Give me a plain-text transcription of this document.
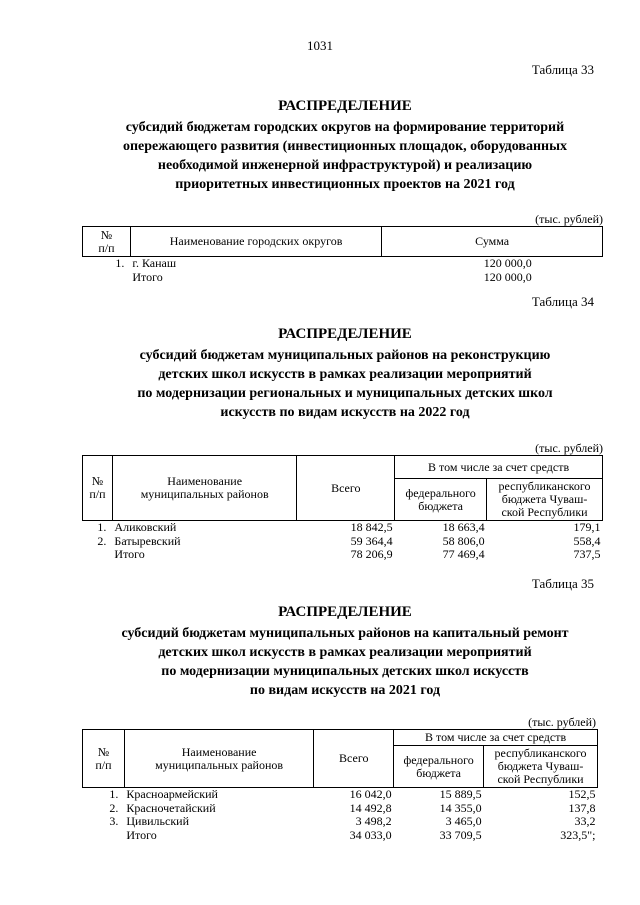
1031
Таблица 33
РАСПРЕДЕЛЕНИЕ
субсидий бюджетам городских округов на формирование территорий
опережающего развития (инвестиционных площадок, оборудованных
необходимой инженерной инфраструктурой) и реализацию
приоритетных инвестиционных проектов на 2021 год
(тыс. рублей)
№
п/п	Наименование городских округов	Сумма
1.	г. Канаш	120 000,0
	Итого	120 000,0
Таблица 34
РАСПРЕДЕЛЕНИЕ
субсидий бюджетам муниципальных районов на реконструкцию
детских школ искусств в рамках реализации мероприятий
по модернизации региональных и муниципальных детских школ
искусств по видам искусств на 2022 год
(тыс. рублей)
№
п/п	Наименование
муниципальных районов	Всего	В том числе за счет средств	
			федерального
бюджета	республиканского
бюджета Чуваш-
ской Республики
1.	Аликовский	18 842,5	18 663,4	179,1
2.	Батыревский	59 364,4	58 806,0	558,4
	Итого	78 206,9	77 469,4	737,5
Таблица 35
РАСПРЕДЕЛЕНИЕ
субсидий бюджетам муниципальных районов на капитальный ремонт
детских школ искусств в рамках реализации мероприятий
по модернизации муниципальных детских школ искусств
по видам искусств на 2021 год
(тыс. рублей)
№
п/п	Наименование
муниципальных районов	Всего	В том числе за счет средств	
			федерального
бюджета	республиканского
бюджета Чуваш-
ской Республики
1.	Красноармейский	16 042,0	15 889,5	152,5
2.	Красночетайский	14 492,8	14 355,0	137,8
3.	Цивильский	3 498,2	3 465,0	33,2
	Итого	34 033,0	33 709,5	323,5";
